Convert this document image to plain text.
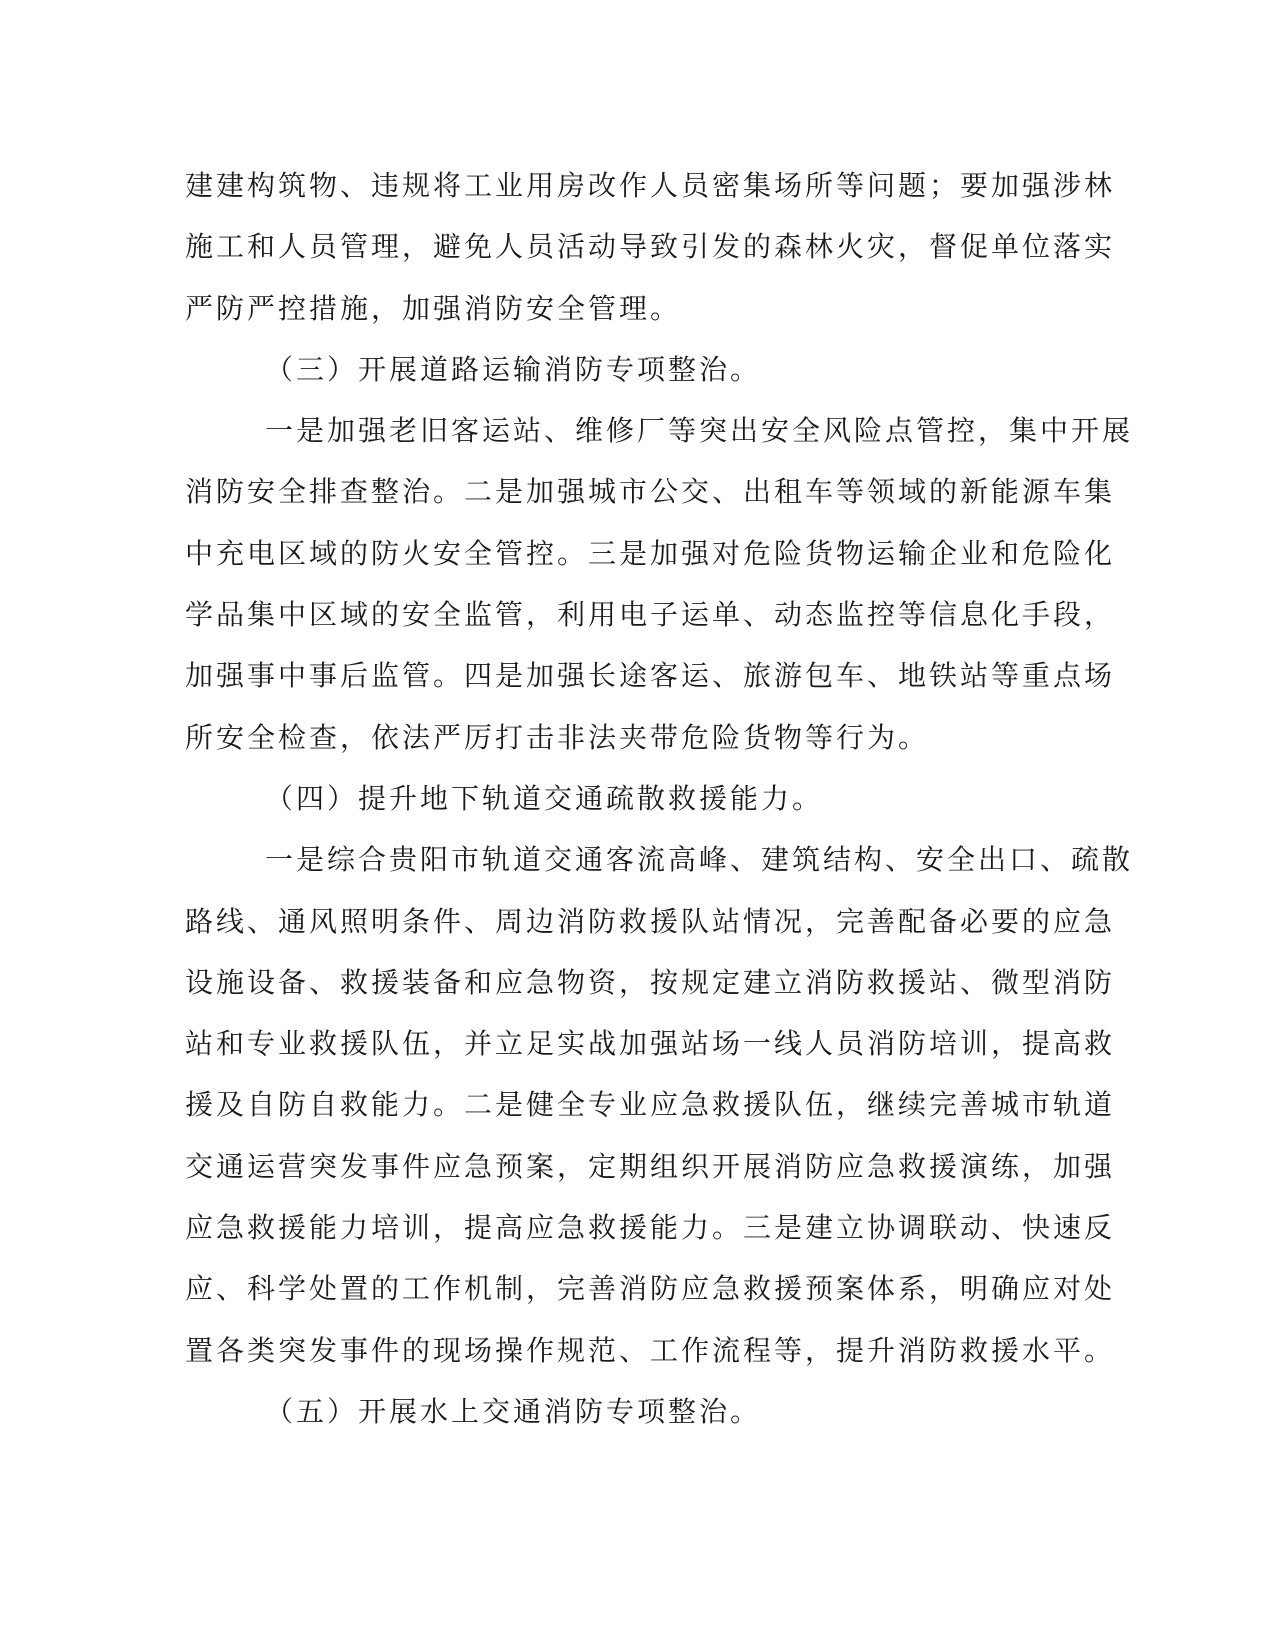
建建构筑物、违规将工业用房改作人员密集场所等问题；要加强涉林
施工和人员管理，避免人员活动导致引发的森林火灾，督促单位落实
严防严控措施，加强消防安全管理。
（三）开展道路运输消防专项整治。
一是加强老旧客运站、维修厂等突出安全风险点管控，集中开展
消防安全排查整治。二是加强城市公交、出租车等领域的新能源车集
中充电区域的防火安全管控。三是加强对危险货物运输企业和危险化
学品集中区域的安全监管，利用电子运单、动态监控等信息化手段，
加强事中事后监管。四是加强长途客运、旅游包车、地铁站等重点场
所安全检查，依法严厉打击非法夹带危险货物等行为。
（四）提升地下轨道交通疏散救援能力。
一是综合贵阳市轨道交通客流高峰、建筑结构、安全出口、疏散
路线、通风照明条件、周边消防救援队站情况，完善配备必要的应急
设施设备、救援装备和应急物资，按规定建立消防救援站、微型消防
站和专业救援队伍，并立足实战加强站场一线人员消防培训，提高救
援及自防自救能力。二是健全专业应急救援队伍，继续完善城市轨道
交通运营突发事件应急预案，定期组织开展消防应急救援演练，加强
应急救援能力培训，提高应急救援能力。三是建立协调联动、快速反
应、科学处置的工作机制，完善消防应急救援预案体系，明确应对处
置各类突发事件的现场操作规范、工作流程等，提升消防救援水平。
（五）开展水上交通消防专项整治。
